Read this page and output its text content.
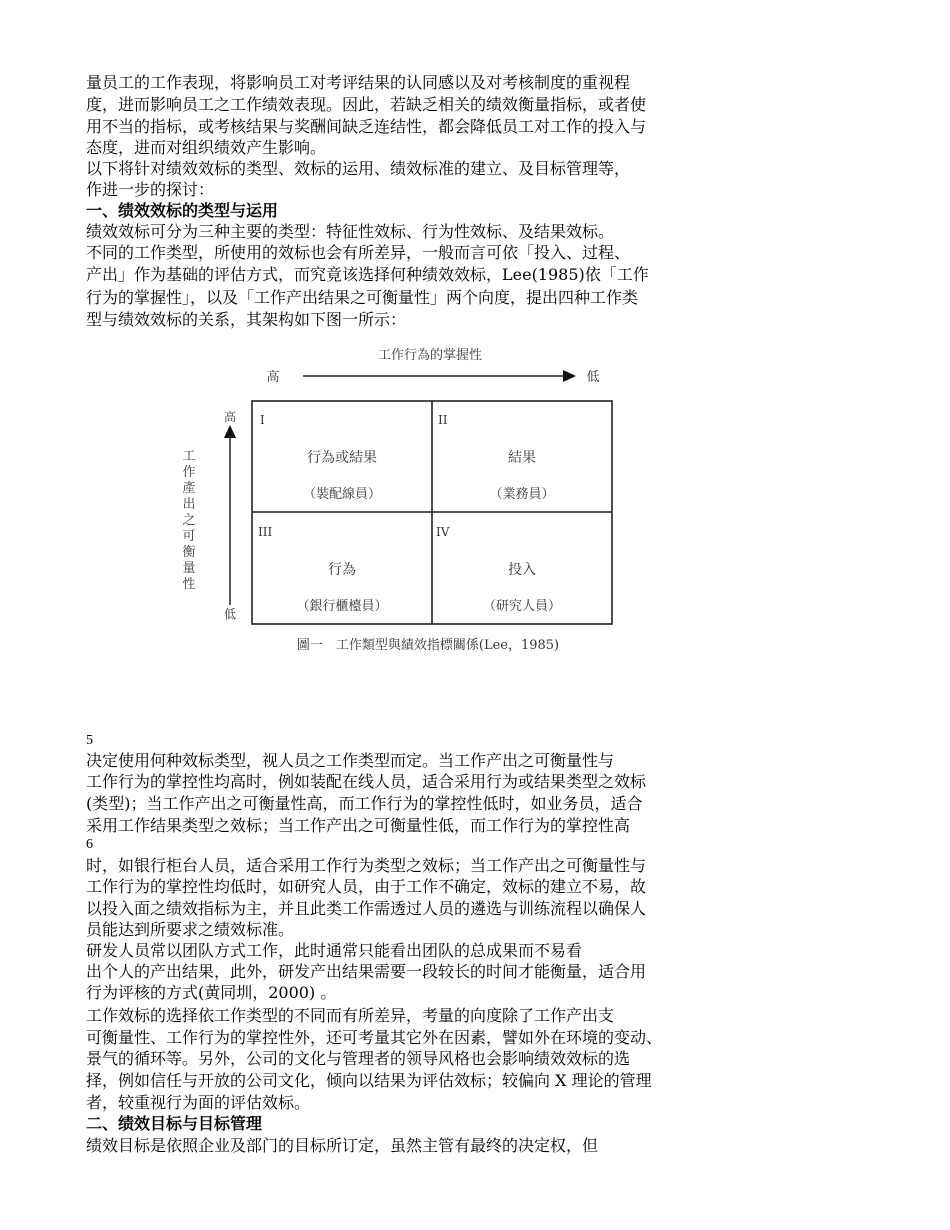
量员工的工作表现，将影响员工对考评结果的认同感以及对考核制度的重视程
度，进而影响员工之工作绩效表现。因此，若缺乏相关的绩效衡量指标，或者使
用不当的指标，或考核结果与奖酬间缺乏连结性，都会降低员工对工作的投入与
态度，进而对组织绩效产生影响。
以下将针对绩效效标的类型、效标的运用、绩效标准的建立、及目标管理等，
作进一步的探讨：
一、绩效效标的类型与运用
绩效效标可分为三种主要的类型：特征性效标、行为性效标、及结果效标。
不同的工作类型，所使用的效标也会有所差异，一般而言可依「投入、过程、
产出」作为基础的评估方式，而究竟该选择何种绩效效标，Lee(1985)依「工作
行为的掌握性」，以及「工作产出结果之可衡量性」两个向度，提出四种工作类
型与绩效效标的关系，其架构如下图一所示：
工作行為的掌握性
高	低
高
低
工
作
產
出
之
可
衡
量
性
I
行為或結果
（裝配線員）
II
結果
（業務員）
III
行為
（銀行櫃檯員）
IV
投入
（研究人員）
圖一　工作類型與績效指標關係(Lee，1985)
5
决定使用何种效标类型，视人员之工作类型而定。当工作产出之可衡量性与
工作行为的掌控性均高时，例如装配在线人员，适合采用行为或结果类型之效标
(类型)；当工作产出之可衡量性高，而工作行为的掌控性低时，如业务员，适合
采用工作结果类型之效标；当工作产出之可衡量性低，而工作行为的掌控性高
6
时，如银行柜台人员，适合采用工作行为类型之效标；当工作产出之可衡量性与
工作行为的掌控性均低时，如研究人员，由于工作不确定，效标的建立不易，故
以投入面之绩效指标为主，并且此类工作需透过人员的遴选与训练流程以确保人
员能达到所要求之绩效标准。
研发人员常以团队方式工作，此时通常只能看出团队的总成果而不易看
出个人的产出结果，此外，研发产出结果需要一段较长的时间才能衡量，适合用
行为评核的方式(黄同圳，2000) 。
工作效标的选择依工作类型的不同而有所差异，考量的向度除了工作产出支
可衡量性、工作行为的掌控性外，还可考量其它外在因素，譬如外在环境的变动、
景气的循环等。另外，公司的文化与管理者的领导风格也会影响绩效效标的选
择，例如信任与开放的公司文化，倾向以结果为评估效标；较偏向 X 理论的管理
者，较重视行为面的评估效标。
二、绩效目标与目标管理
绩效目标是依照企业及部门的目标所订定，虽然主管有最终的决定权，但
